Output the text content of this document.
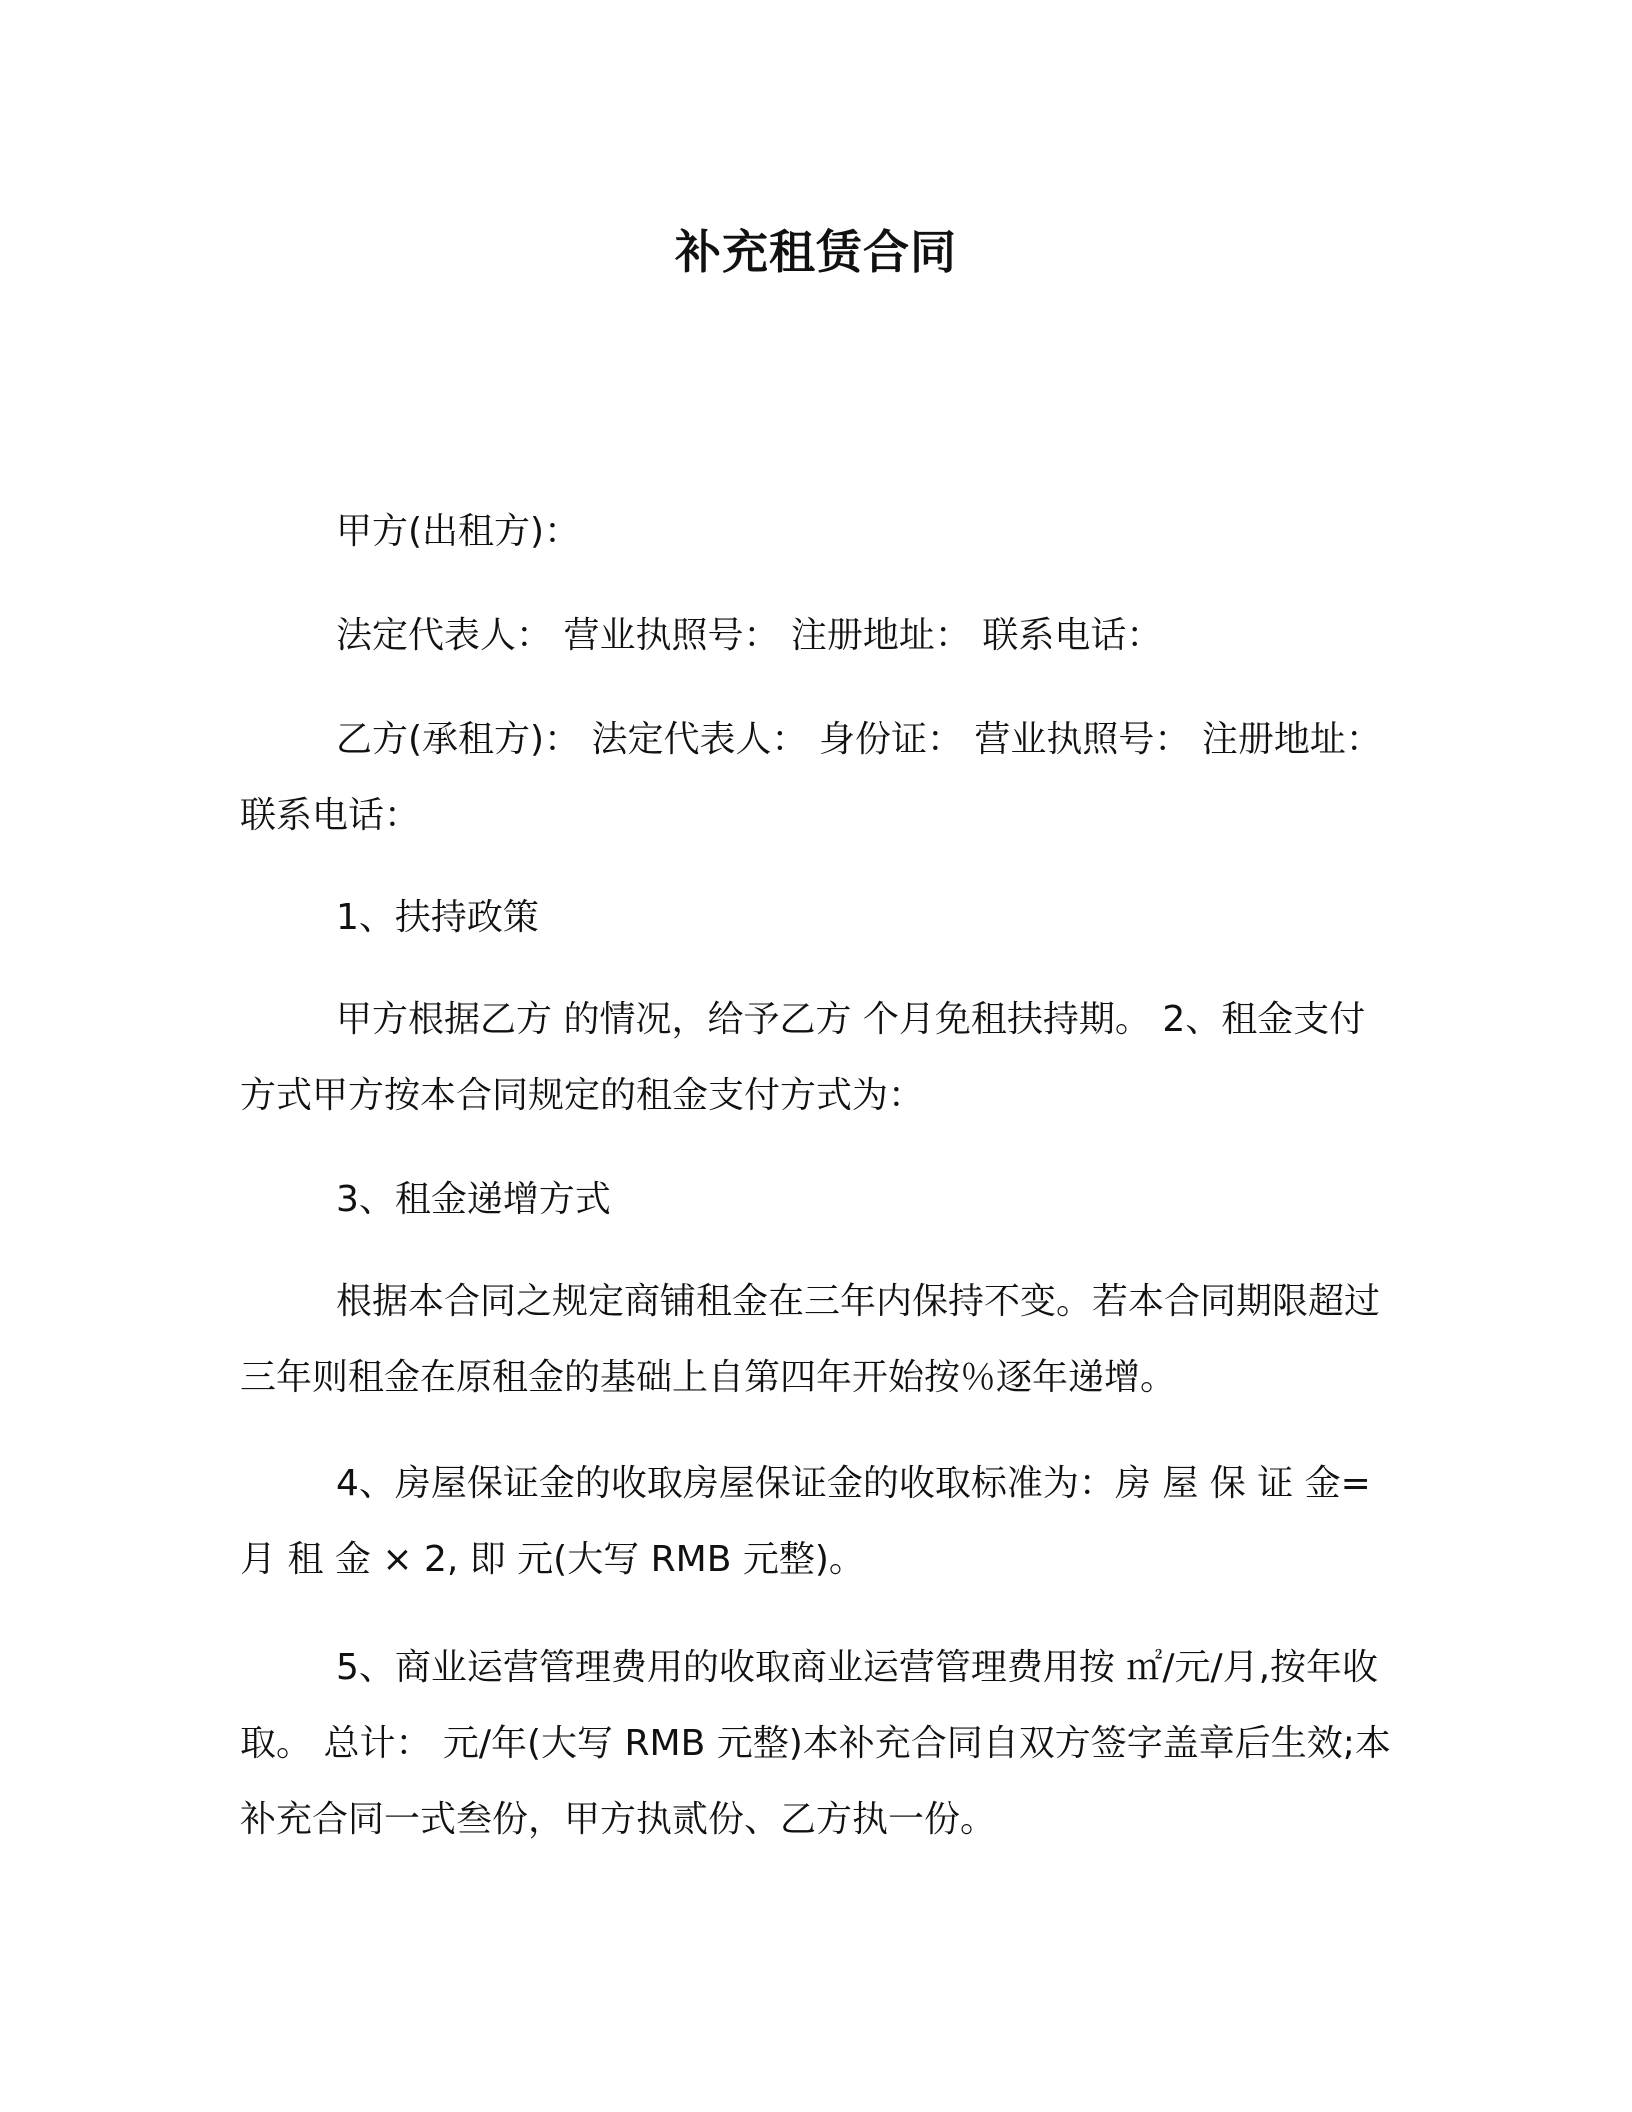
补充租赁合同

甲方(出租方)：

法定代表人： 营业执照号： 注册地址： 联系电话：

乙方(承租方)： 法定代表人： 身份证： 营业执照号： 注册地址：联系电话：

1、扶持政策

甲方根据乙方 的情况，给予乙方 个月免租扶持期。 2、租金支付方式甲方按本合同规定的租金支付方式为：

3、租金递增方式

根据本合同之规定商铺租金在三年内保持不变。若本合同期限超过三年则租金在原租金的基础上自第四年开始按％逐年递增。

4、房屋保证金的收取房屋保证金的收取标准为：房 屋 保 证 金=月 租 金 × 2, 即 元(大写 RMB 元整)。

5、商业运营管理费用的收取商业运营管理费用按 ㎡/元/月,按年收取。 总计： 元/年(大写 RMB 元整)本补充合同自双方签字盖章后生效;本补充合同一式叁份，甲方执贰份、乙方执一份。
